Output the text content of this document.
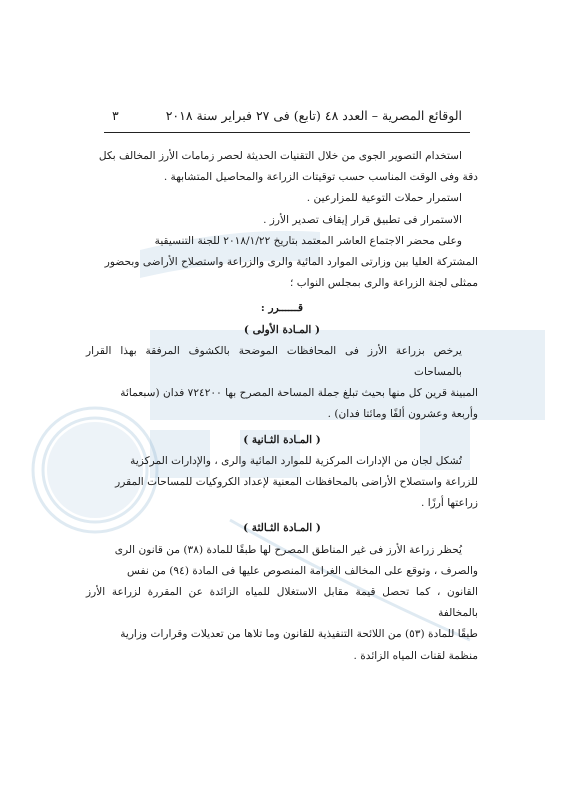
الوقائع المصرية – العدد ٤٨ (تابع) فى ٢٧ فبراير سنة ٢٠١٨
٣

استخدام التصوير الجوى من خلال التقنيات الحديثة لحصر زمامات الأرز المخالف بكل

دقة وفى الوقت المناسب حسب توقيتات الزراعة والمحاصيل المتشابهة .

استمرار حملات التوعية للمزارعين .

الاستمرار فى تطبيق قرار إيقاف تصدير الأرز .

وعلى محضر الاجتماع العاشر المعتمد بتاريخ ٢٠١٨/١/٢٢ للجنة التنسيقية

المشتركة العليا بين وزارتى الموارد المائية والرى والزراعة واستصلاح الأراضى وبحضور

ممثلى لجنة الزراعة والرى بمجلس النواب ؛

قــــــرر :

( المـادة الأولى )

يرخص بزراعة الأرز فى المحافظات الموضحة بالكشوف المرفقة بهذا القرار بالمساحات

المبينة قرين كل منها بحيث تبلغ جملة المساحة المصرح بها ٧٢٤٢٠٠ فدان (سبعمائة

وأربعة وعشرون ألفًا ومائتا فدان) .

( المـادة الثـانية )

تُشكل لجان من الإدارات المركزية للموارد المائية والرى ، والإدارات المركزية

للزراعة واستصلاح الأراضى بالمحافظات المعنية لإعداد الكروكيات للمساحات المقرر

زراعتها أرزًا .

( المـادة الثـالثة )

يُحظر زراعة الأرز فى غير المناطق المصرح لها طبقًا للمادة (٣٨) من قانون الرى

والصرف ، وتوقع على المخالف الغرامة المنصوص عليها فى المادة (٩٤) من نفس

القانون ، كما تحصل قيمة مقابل الاستغلال للمياه الزائدة عن المقررة لزراعة الأرز بالمخالفة

طبقًا للمادة (٥٣) من اللائحة التنفيذية للقانون وما تلاها من تعديلات وقرارات وزارية

منظمة لقنات المياه الزائدة .
